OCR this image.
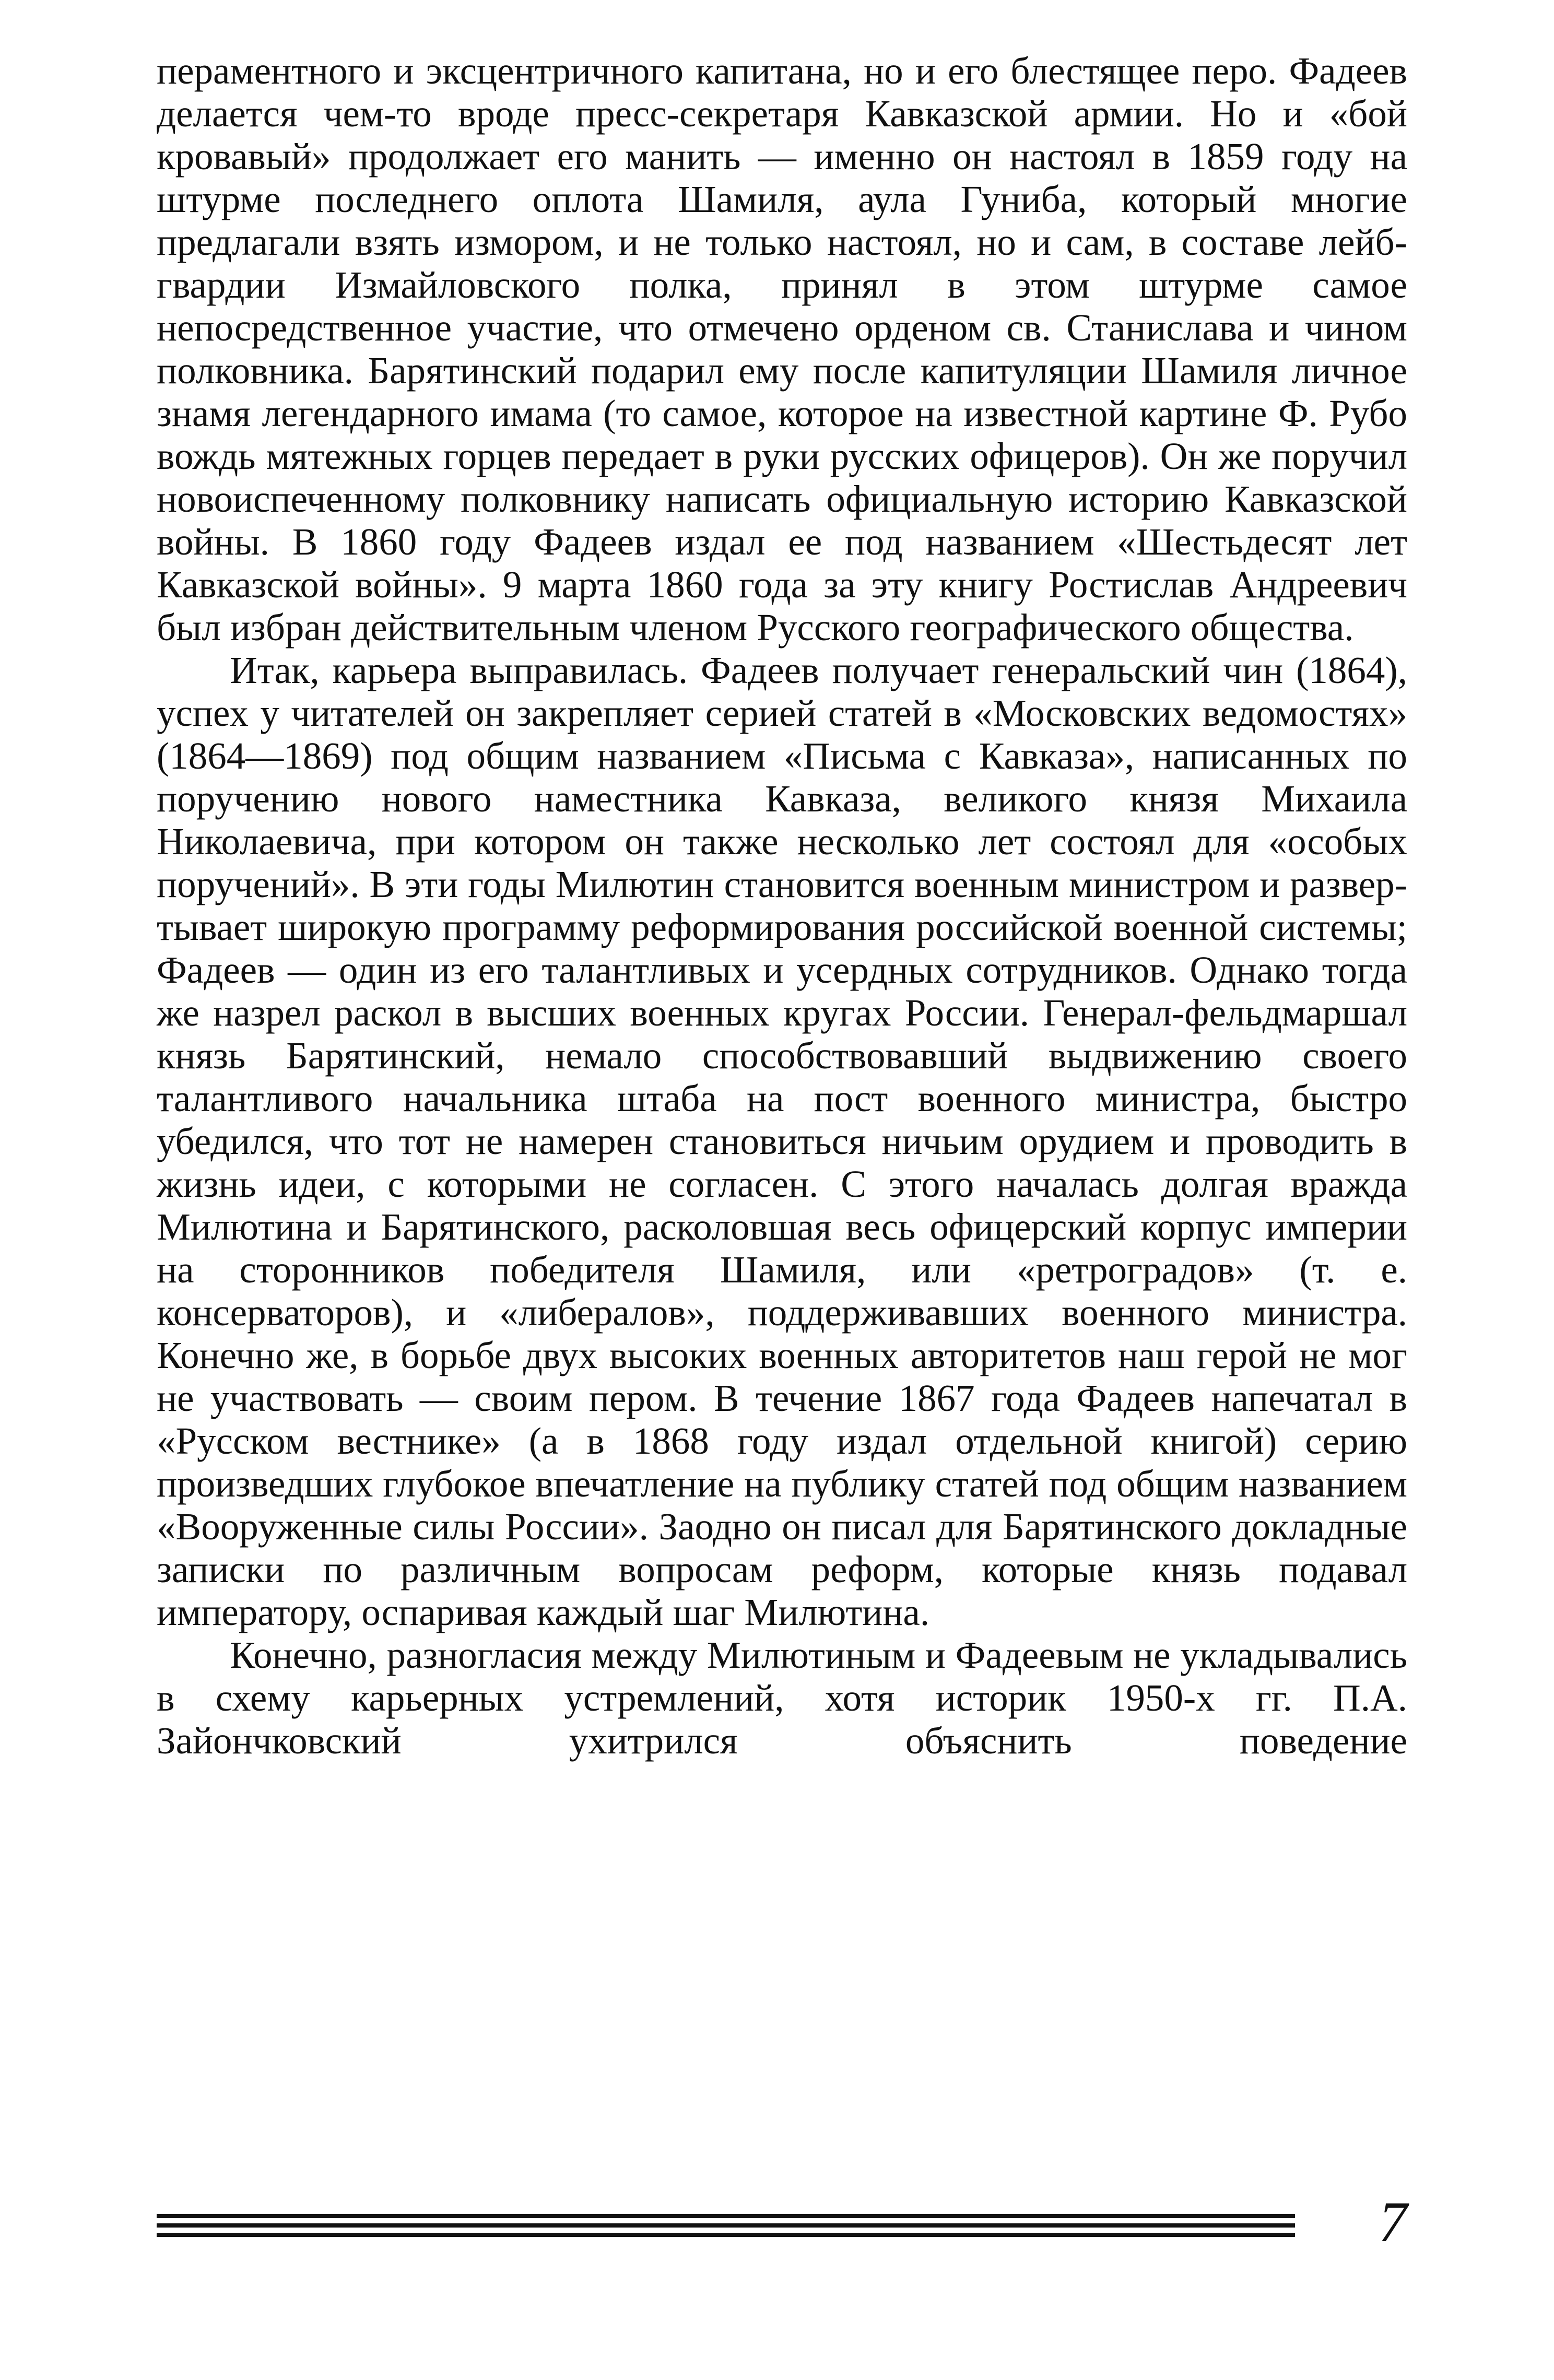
пераментного и эксцентричного капитана, но и его блестящее перо. Фадеев делается чем-то вроде пресс-секретаря Кавказской армии. Но и «бой кровавый» продолжает его манить — именно он настоял в 1859 году на штурме последнего оплота Шамиля, аула Гуниба, который многие предлагали взять измором, и не только настоял, но и сам, в составе лейб-гвардии Измайловского полка, принял в этом штурме самое непосредственное участие, что отмечено орденом св. Станислава и чином полковника. Барятинский подарил ему после капитуляции Шамиля личное знамя легендарного имама (то самое, которое на известной картине Ф. Рубо вождь мятежных горцев передает в руки русских офицеров). Он же поручил новоиспеченному полковнику написать официальную историю Кавказской войны. В 1860 году Фадеев издал ее под названием «Шестьдесят лет Кавказской войны». 9 марта 1860 года за эту книгу Ростислав Андреевич был избран действительным членом Русского географического общества.

Итак, карьера выправилась. Фадеев получает генеральский чин (1864), успех у читателей он закрепляет серией статей в «Московских ведомостях» (1864—1869) под общим названием «Письма с Кавказа», написанных по поручению нового наместника Кавказа, великого князя Михаила Николаевича, при котором он также несколько лет состоял для «особых поручений». В эти годы Милютин становится военным министром и развертывает широкую программу реформирования российской военной системы; Фадеев — один из его талантливых и усердных сотрудников. Однако тогда же назрел раскол в высших военных кругах России. Генерал-фельдмаршал князь Барятинский, немало способствовавший выдвижению своего талантливого начальника штаба на пост военного министра, быстро убедился, что тот не намерен становиться ничьим орудием и проводить в жизнь идеи, с которыми не согласен. С этого началась долгая вражда Милютина и Барятинского, расколовшая весь офицерский корпус империи на сторонников победителя Шамиля, или «ретроградов» (т. е. консерваторов), и «либералов», поддерживавших военного министра. Конечно же, в борьбе двух высоких военных авторитетов наш герой не мог не участвовать — своим пером. В течение 1867 года Фадеев напечатал в «Русском вестнике» (а в 1868 году издал отдельной книгой) серию произведших глубокое впечатление на публику статей под общим названием «Вооруженные силы России». Заодно он писал для Барятинского докладные записки по различным вопросам реформ, которые князь подавал императору, оспаривая каждый шаг Милютина.

Конечно, разногласия между Милютиным и Фадеевым не укладывались в схему карьерных устремлений, хотя историк 1950-х гг. П.А. Зайончковский ухитрился объяснить поведение

7
